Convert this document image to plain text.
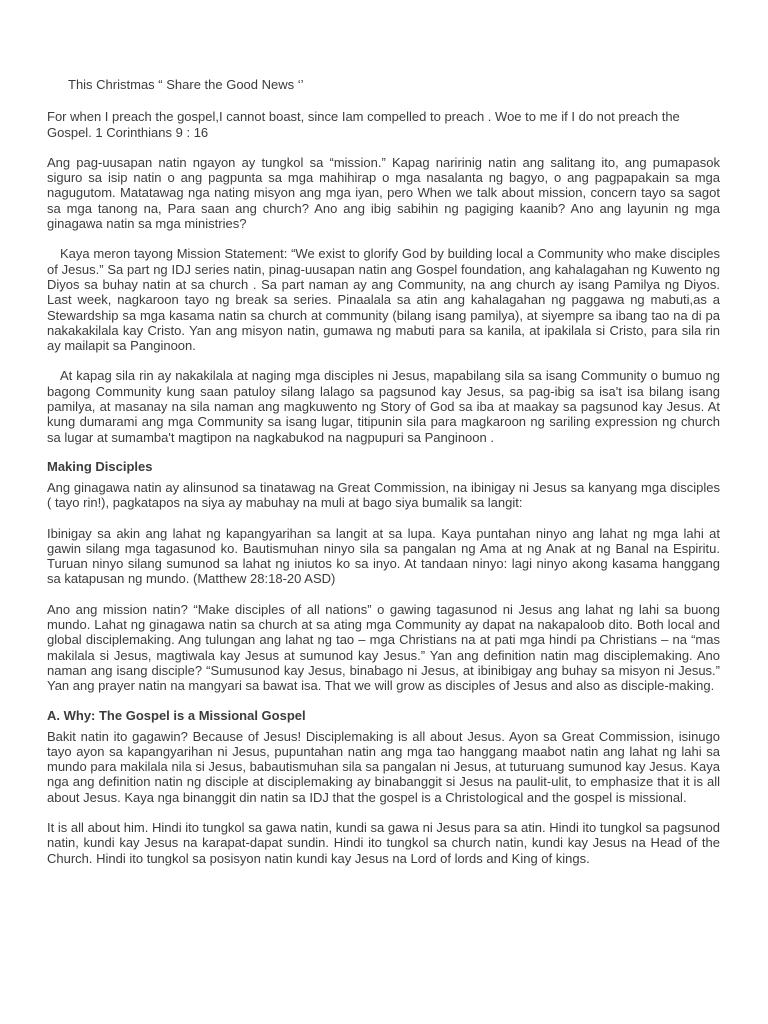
This Christmas “ Share the Good News ‘’

For when I preach the gospel,I cannot boast, since Iam compelled to preach . Woe to me if I do not preach the Gospel. 1 Corinthians 9 : 16

Ang pag-uusapan natin ngayon ay tungkol sa “mission.” Kapag naririnig natin ang salitang ito, ang pumapasok siguro sa isip natin o ang pagpunta sa mga mahihirap o mga nasalanta ng bagyo, o ang pagpapakain sa mga nagugutom. Matatawag nga nating misyon ang mga iyan, pero When we talk about mission, concern tayo sa sagot sa mga tanong na, Para saan ang church? Ano ang ibig sabihin ng pagiging kaanib? Ano ang layunin ng mga ginagawa natin sa mga ministries?

Kaya meron tayong Mission Statement: “We exist to glorify God by building local a Community who make disciples of Jesus.” Sa part ng IDJ series natin, pinag-uusapan natin ang Gospel foundation, ang kahalagahan ng Kuwento ng Diyos sa buhay natin at sa church . Sa part naman ay ang Community, na ang church ay isang Pamilya ng Diyos. Last week, nagkaroon tayo ng break sa series. Pinaalala sa atin ang kahalagahan ng paggawa ng mabuti,as a Stewardship sa mga kasama natin sa church at community (bilang isang pamilya), at siyempre sa ibang tao na di pa nakakakilala kay Cristo. Yan ang misyon natin, gumawa ng mabuti para sa kanila, at ipakilala si Cristo, para sila rin ay mailapit sa Panginoon.

At kapag sila rin ay nakakilala at naging mga disciples ni Jesus, mapabilang sila sa isang Community o bumuo ng bagong Community kung saan patuloy silang lalago sa pagsunod kay Jesus, sa pag-ibig sa isa't isa bilang isang pamilya, at masanay na sila naman ang magkuwento ng Story of God sa iba at maakay sa pagsunod kay Jesus. At kung dumarami ang mga Community sa isang lugar, titipunin sila para magkaroon ng sariling expression ng church sa lugar at sumamba't magtipon na nagkabukod na nagpupuri sa Panginoon .

Making Disciples

Ang ginagawa natin ay alinsunod sa tinatawag na Great Commission, na ibinigay ni Jesus sa kanyang mga disciples ( tayo rin!), pagkatapos na siya ay mabuhay na muli at bago siya bumalik sa langit:

Ibinigay sa akin ang lahat ng kapangyarihan sa langit at sa lupa. Kaya puntahan ninyo ang lahat ng mga lahi at gawin silang mga tagasunod ko. Bautismuhan ninyo sila sa pangalan ng Ama at ng Anak at ng Banal na Espiritu. Turuan ninyo silang sumunod sa lahat ng iniutos ko sa inyo. At tandaan ninyo: lagi ninyo akong kasama hanggang sa katapusan ng mundo. (Matthew 28:18-20 ASD)

Ano ang mission natin? “Make disciples of all nations” o gawing tagasunod ni Jesus ang lahat ng lahi sa buong mundo. Lahat ng ginagawa natin sa church at sa ating mga Community ay dapat na nakapaloob dito. Both local and global disciplemaking. Ang tulungan ang lahat ng tao – mga Christians na at pati mga hindi pa Christians – na “mas makilala si Jesus, magtiwala kay Jesus at sumunod kay Jesus.” Yan ang definition natin mag disciplemaking. Ano naman ang isang disciple? “Sumusunod kay Jesus, binabago ni Jesus, at ibinibigay ang buhay sa misyon ni Jesus.” Yan ang prayer natin na mangyari sa bawat isa. That we will grow as disciples of Jesus and also as disciple-making.

A. Why: The Gospel is a Missional Gospel

Bakit natin ito gagawin? Because of Jesus! Disciplemaking is all about Jesus. Ayon sa Great Commission, isinugo tayo ayon sa kapangyarihan ni Jesus, pupuntahan natin ang mga tao hanggang maabot natin ang lahat ng lahi sa mundo para makilala nila si Jesus, babautismuhan sila sa pangalan ni Jesus, at tuturuang sumunod kay Jesus. Kaya nga ang definition natin ng disciple at disciplemaking ay binabanggit si Jesus na paulit-ulit, to emphasize that it is all about Jesus. Kaya nga binanggit din natin sa IDJ that the gospel is a Christological and the gospel is missional.

It is all about him. Hindi ito tungkol sa gawa natin, kundi sa gawa ni Jesus para sa atin. Hindi ito tungkol sa pagsunod natin, kundi kay Jesus na karapat-dapat sundin. Hindi ito tungkol sa church natin, kundi kay Jesus na Head of the Church. Hindi ito tungkol sa posisyon natin kundi kay Jesus na Lord of lords and King of kings.
